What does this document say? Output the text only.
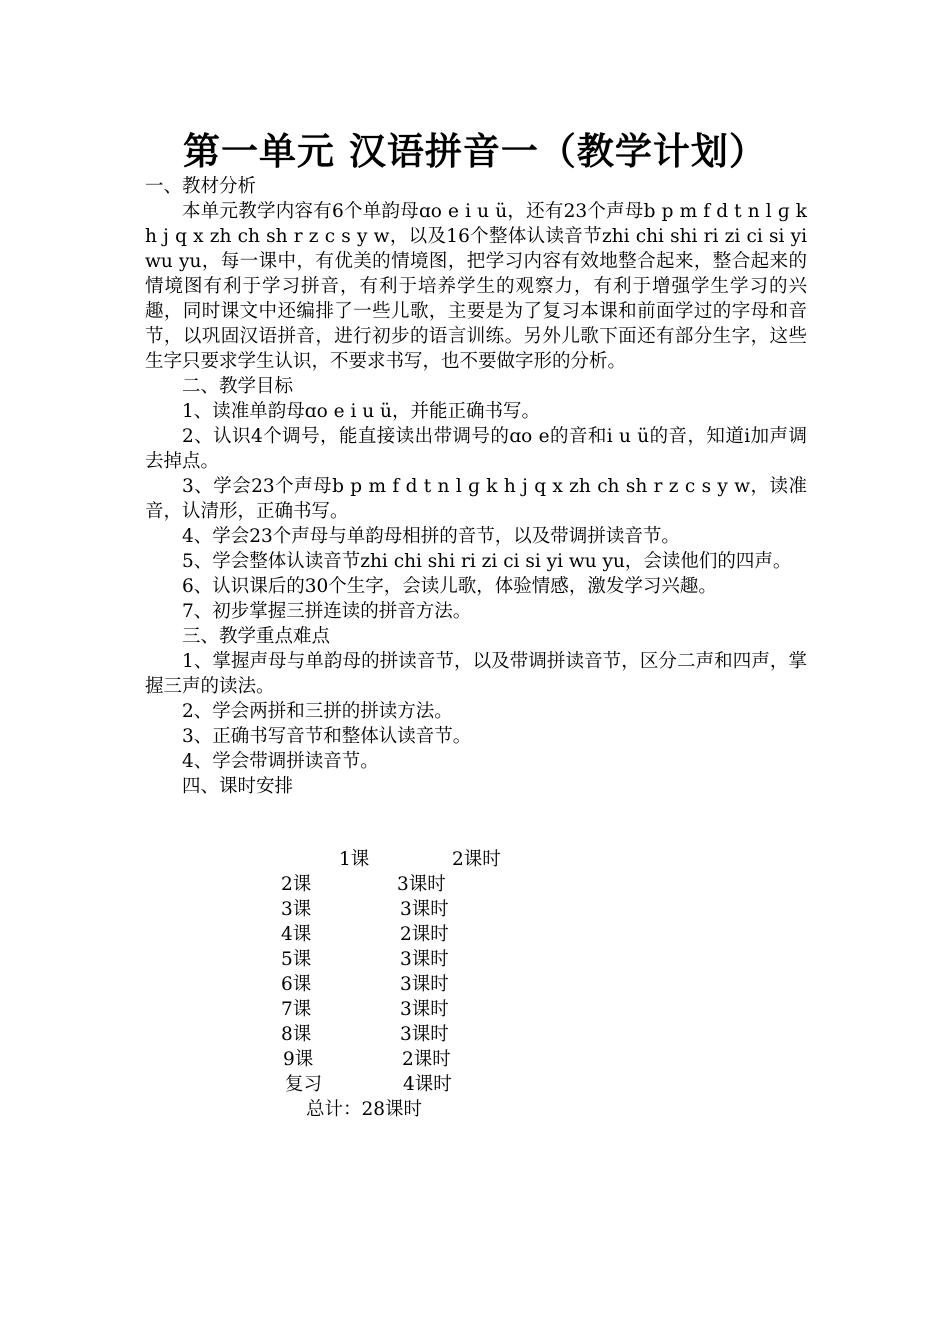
第一单元 汉语拼音一（教学计划）

一、教材分析

本单元教学内容有6个单韵母ɑo e i u ü，还有23个声母b p m f d t n l ɡ k h j q x zh ch sh r z c s y w，以及16个整体认读音节zhi chi shi ri zi ci si yi wu yu，每一课中，有优美的情境图，把学习内容有效地整合起来，整合起来的情境图有利于学习拼音，有利于培养学生的观察力，有利于增强学生学习的兴趣，同时课文中还编排了一些儿歌，主要是为了复习本课和前面学过的字母和音节，以巩固汉语拼音，进行初步的语言训练。另外儿歌下面还有部分生字，这些生字只要求学生认识，不要求书写，也不要做字形的分析。

二、教学目标

1、读准单韵母ɑo e i u ü，并能正确书写。

2、认识4个调号，能直接读出带调号的ɑo e的音和i u ü的音，知道i加声调去掉点。

3、学会23个声母b p m f d t n l ɡ k h j q x zh ch sh r z c s y w，读准音，认清形，正确书写。

4、学会23个声母与单韵母相拼的音节，以及带调拼读音节。

5、学会整体认读音节zhi chi shi ri zi ci si yi wu yu，会读他们的四声。

6、认识课后的30个生字，会读儿歌，体验情感，激发学习兴趣。

7、初步掌握三拼连读的拼音方法。

三、教学重点难点

1、掌握声母与单韵母的拼读音节，以及带调拼读音节，区分二声和四声，掌握三声的读法。

2、学会两拼和三拼的拼读方法。

3、正确书写音节和整体认读音节。

4、学会带调拼读音节。

四、课时安排

1课	2课时
2课	3课时
3课	3课时
4课	2课时
5课	3课时
6课	3课时
7课	3课时
8课	3课时
9课	2课时
复习	4课时
总计：28课时
